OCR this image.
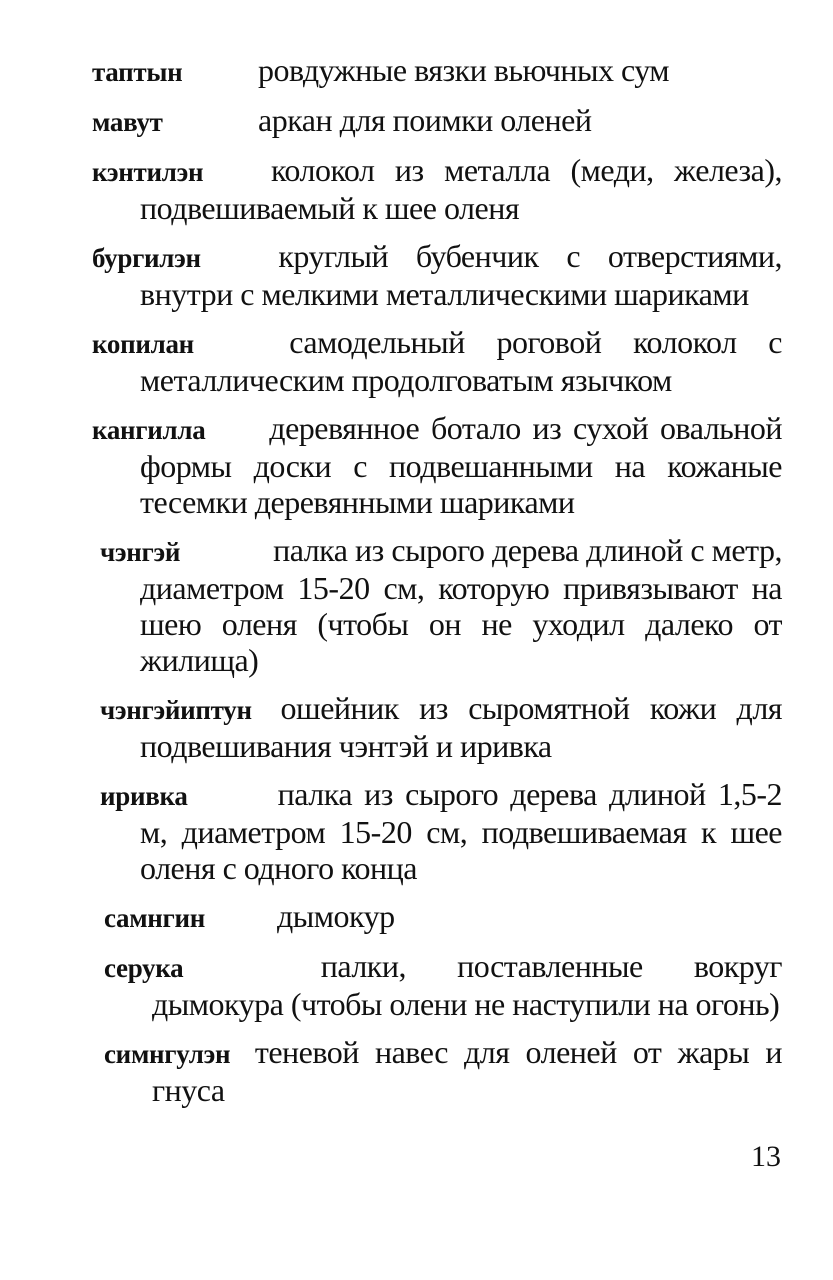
таптын ровдужные вязки вьючных сум

мавут	аркан для поимки оленей

кэнтилэн колокол из металла (меди, железа), подвешиваемый к шее оленя

бургилэн круглый бубенчик с отверстиями, внутри с мелкими металлическими шариками

копилан	самодельный роговой колокол с металлическим продолговатым язычком

кангилла деревянное ботало из сухой овальной формы доски с подвешанными на кожаные тесемки деревянными шариками

чэнгэй	палка из сырого дерева длиной с метр, диаметром 15-20 см, которую привязывают на шею оленя (чтобы он не уходил далеко от жилища)

чэнгэйиптун ошейник из сыромятной кожи для подвешивания чэнтэй и иривка

иривка	палка из сырого дерева длиной 1,5-2 м, диаметром 15-20 см, подвешиваемая к шее оленя с одного конца

самнгин дымокур

серука	палки, поставленные вокруг дымокура (чтобы олени не наступили на огонь)

симнгулэн теневой навес для оленей от жары и гнуса

13
